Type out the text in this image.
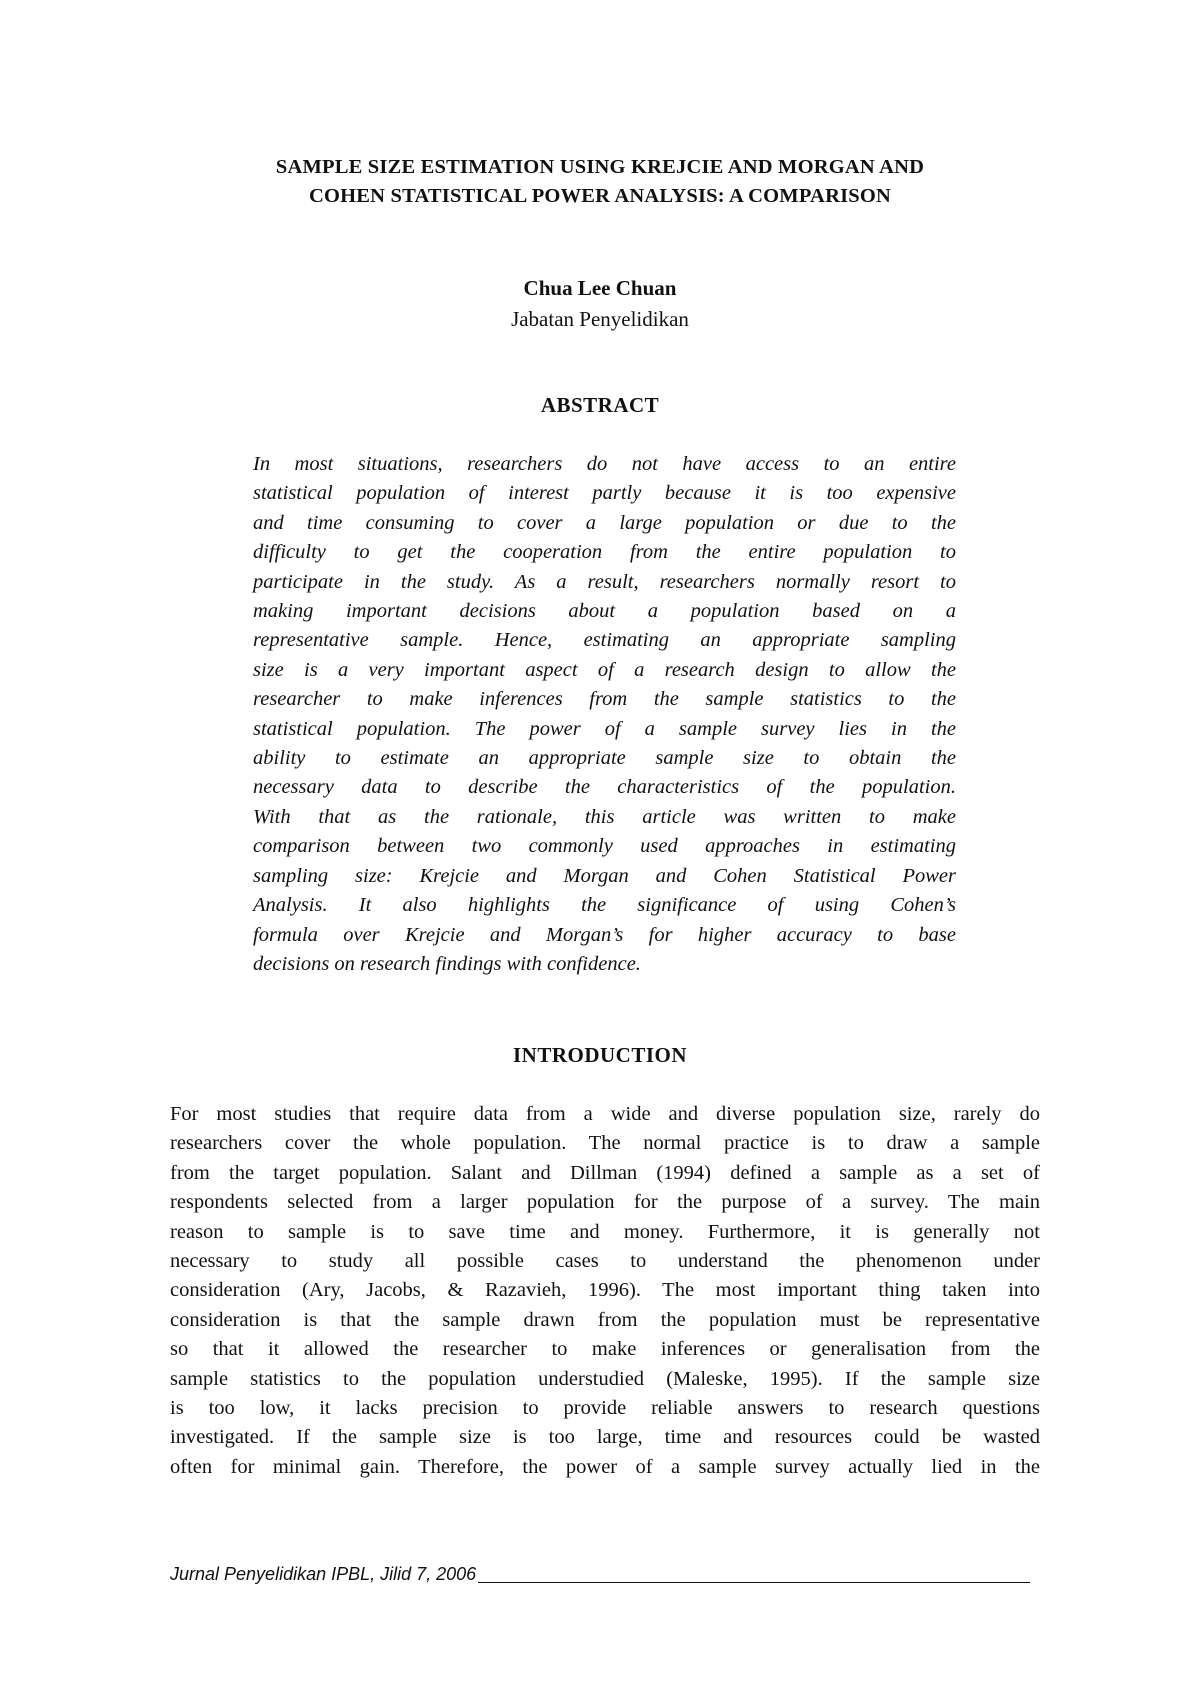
SAMPLE SIZE ESTIMATION USING KREJCIE AND MORGAN AND
COHEN STATISTICAL POWER ANALYSIS: A COMPARISON

Chua Lee Chuan

Jabatan Penyelidikan

ABSTRACT
In most situations, researchers do not have access to an entire
statistical population of interest partly because it is too expensive
and time consuming to cover a large population or due to the
difficulty to get the cooperation from the entire population to
participate in the study. As a result, researchers normally resort to
making important decisions about a population based on a
representative sample. Hence, estimating an appropriate sampling
size is a very important aspect of a research design to allow the
researcher to make inferences from the sample statistics to the
statistical population. The power of a sample survey lies in the
ability to estimate an appropriate sample size to obtain the
necessary data to describe the characteristics of the population.
With that as the rationale, this article was written to make
comparison between two commonly used approaches in estimating
sampling size: Krejcie and Morgan and Cohen Statistical Power
Analysis. It also highlights the significance of using Cohen’s
formula over Krejcie and Morgan’s for higher accuracy to base
decisions on research findings with confidence.
INTRODUCTION
For most studies that require data from a wide and diverse population size, rarely do
researchers cover the whole population. The normal practice is to draw a sample
from the target population. Salant and Dillman (1994) defined a sample as a set of
respondents selected from a larger population for the purpose of a survey. The main
reason to sample is to save time and money. Furthermore, it is generally not
necessary to study all possible cases to understand the phenomenon under
consideration (Ary, Jacobs, & Razavieh, 1996). The most important thing taken into
consideration is that the sample drawn from the population must be representative
so that it allowed the researcher to make inferences or generalisation from the
sample statistics to the population understudied (Maleske, 1995). If the sample size
is too low, it lacks precision to provide reliable answers to research questions
investigated. If the sample size is too large, time and resources could be wasted
often for minimal gain. Therefore, the power of a sample survey actually lied in the
Jurnal Penyelidikan IPBL, Jilid 7, 2006
